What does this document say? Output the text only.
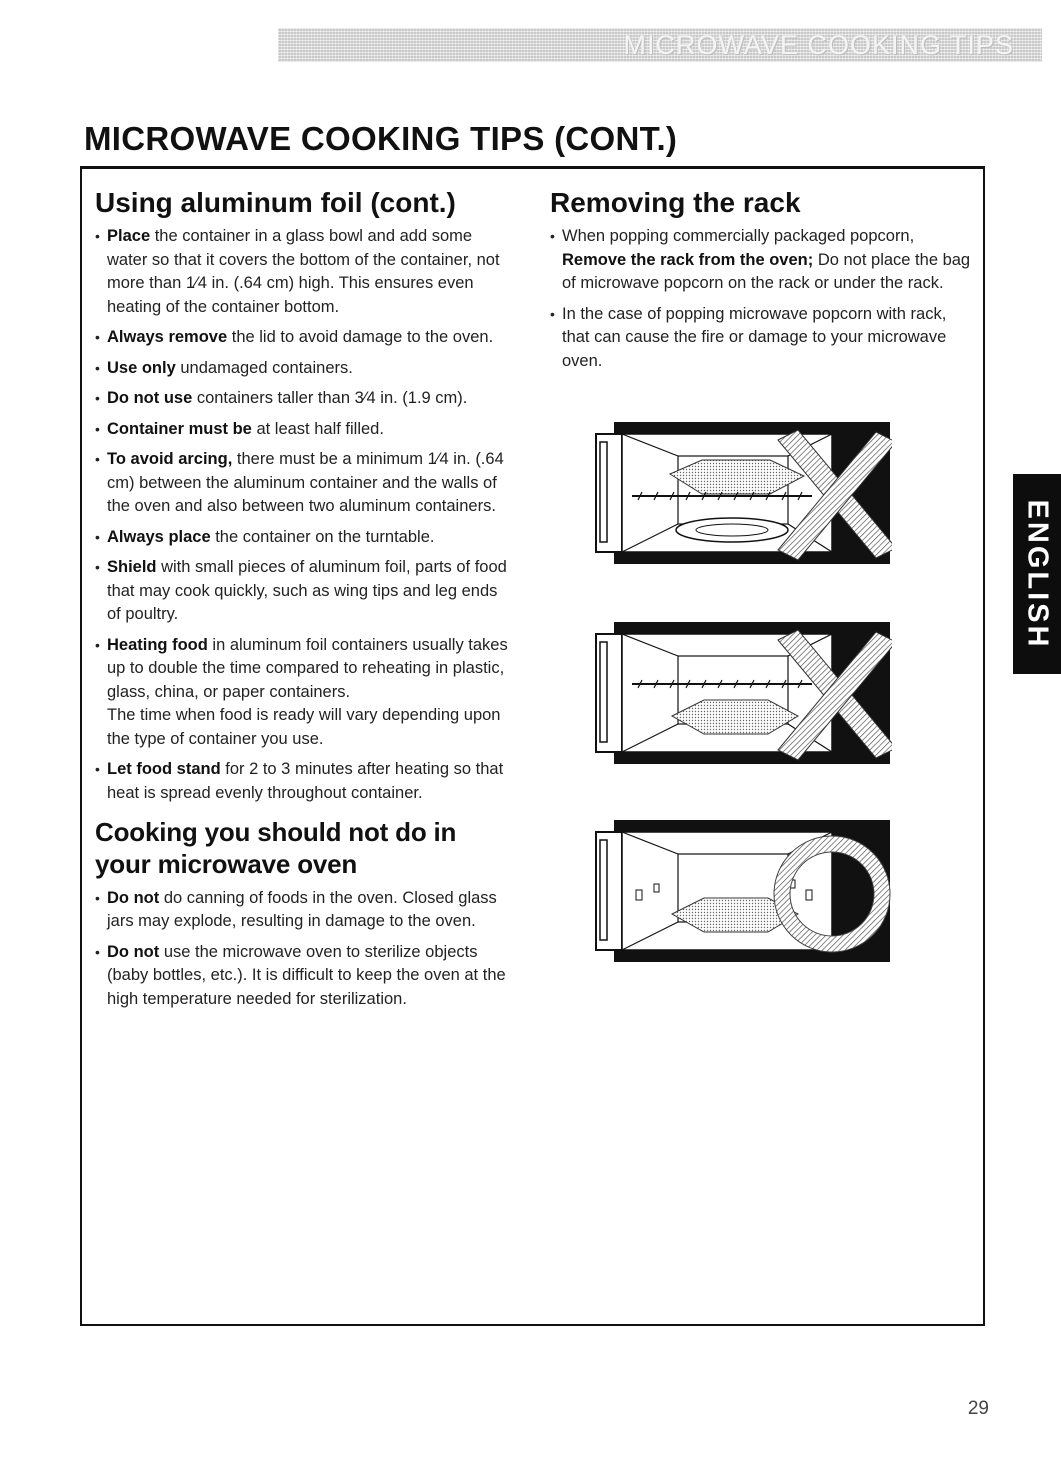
MICROWAVE COOKING TIPS
MICROWAVE COOKING TIPS (CONT.)
Using aluminum foil (cont.)
• Place the container in a glass bowl and add some water so that it covers the bottom of the container, not more than 1⁄4 in. (.64 cm) high. This ensures even heating of the container bottom.
• Always remove the lid to avoid damage to the oven.
• Use only undamaged containers.
• Do not use containers taller than 3⁄4 in. (1.9 cm).
• Container must be at least half filled.
• To avoid arcing, there must be a minimum 1⁄4 in. (.64 cm) between the aluminum container and the walls of the oven and also between two aluminum containers.
• Always place the container on the turntable.
• Shield with small pieces of aluminum foil, parts of food that may cook quickly, such as wing tips and leg ends of poultry.
• Heating food in aluminum foil containers usually takes up to double the time compared to reheating in plastic, glass, china, or paper containers.
The time when food is ready will vary depending upon the type of container you use.
• Let food stand for 2 to 3 minutes after heating so that heat is spread evenly throughout container.
Cooking you should not do in your microwave oven
• Do not do canning of foods in the oven. Closed glass jars may explode, resulting in damage to the oven.
• Do not use the microwave oven to sterilize objects (baby bottles, etc.). It is difficult to keep the oven at the high temperature needed for sterilization.
Removing the rack
• When popping commercially packaged popcorn, Remove the rack from the oven; Do not place the bag of microwave popcorn on the rack or under the rack.
• In the case of popping microwave popcorn with rack, that can cause the fire or damage to your microwave oven.
ENGLISH
29
